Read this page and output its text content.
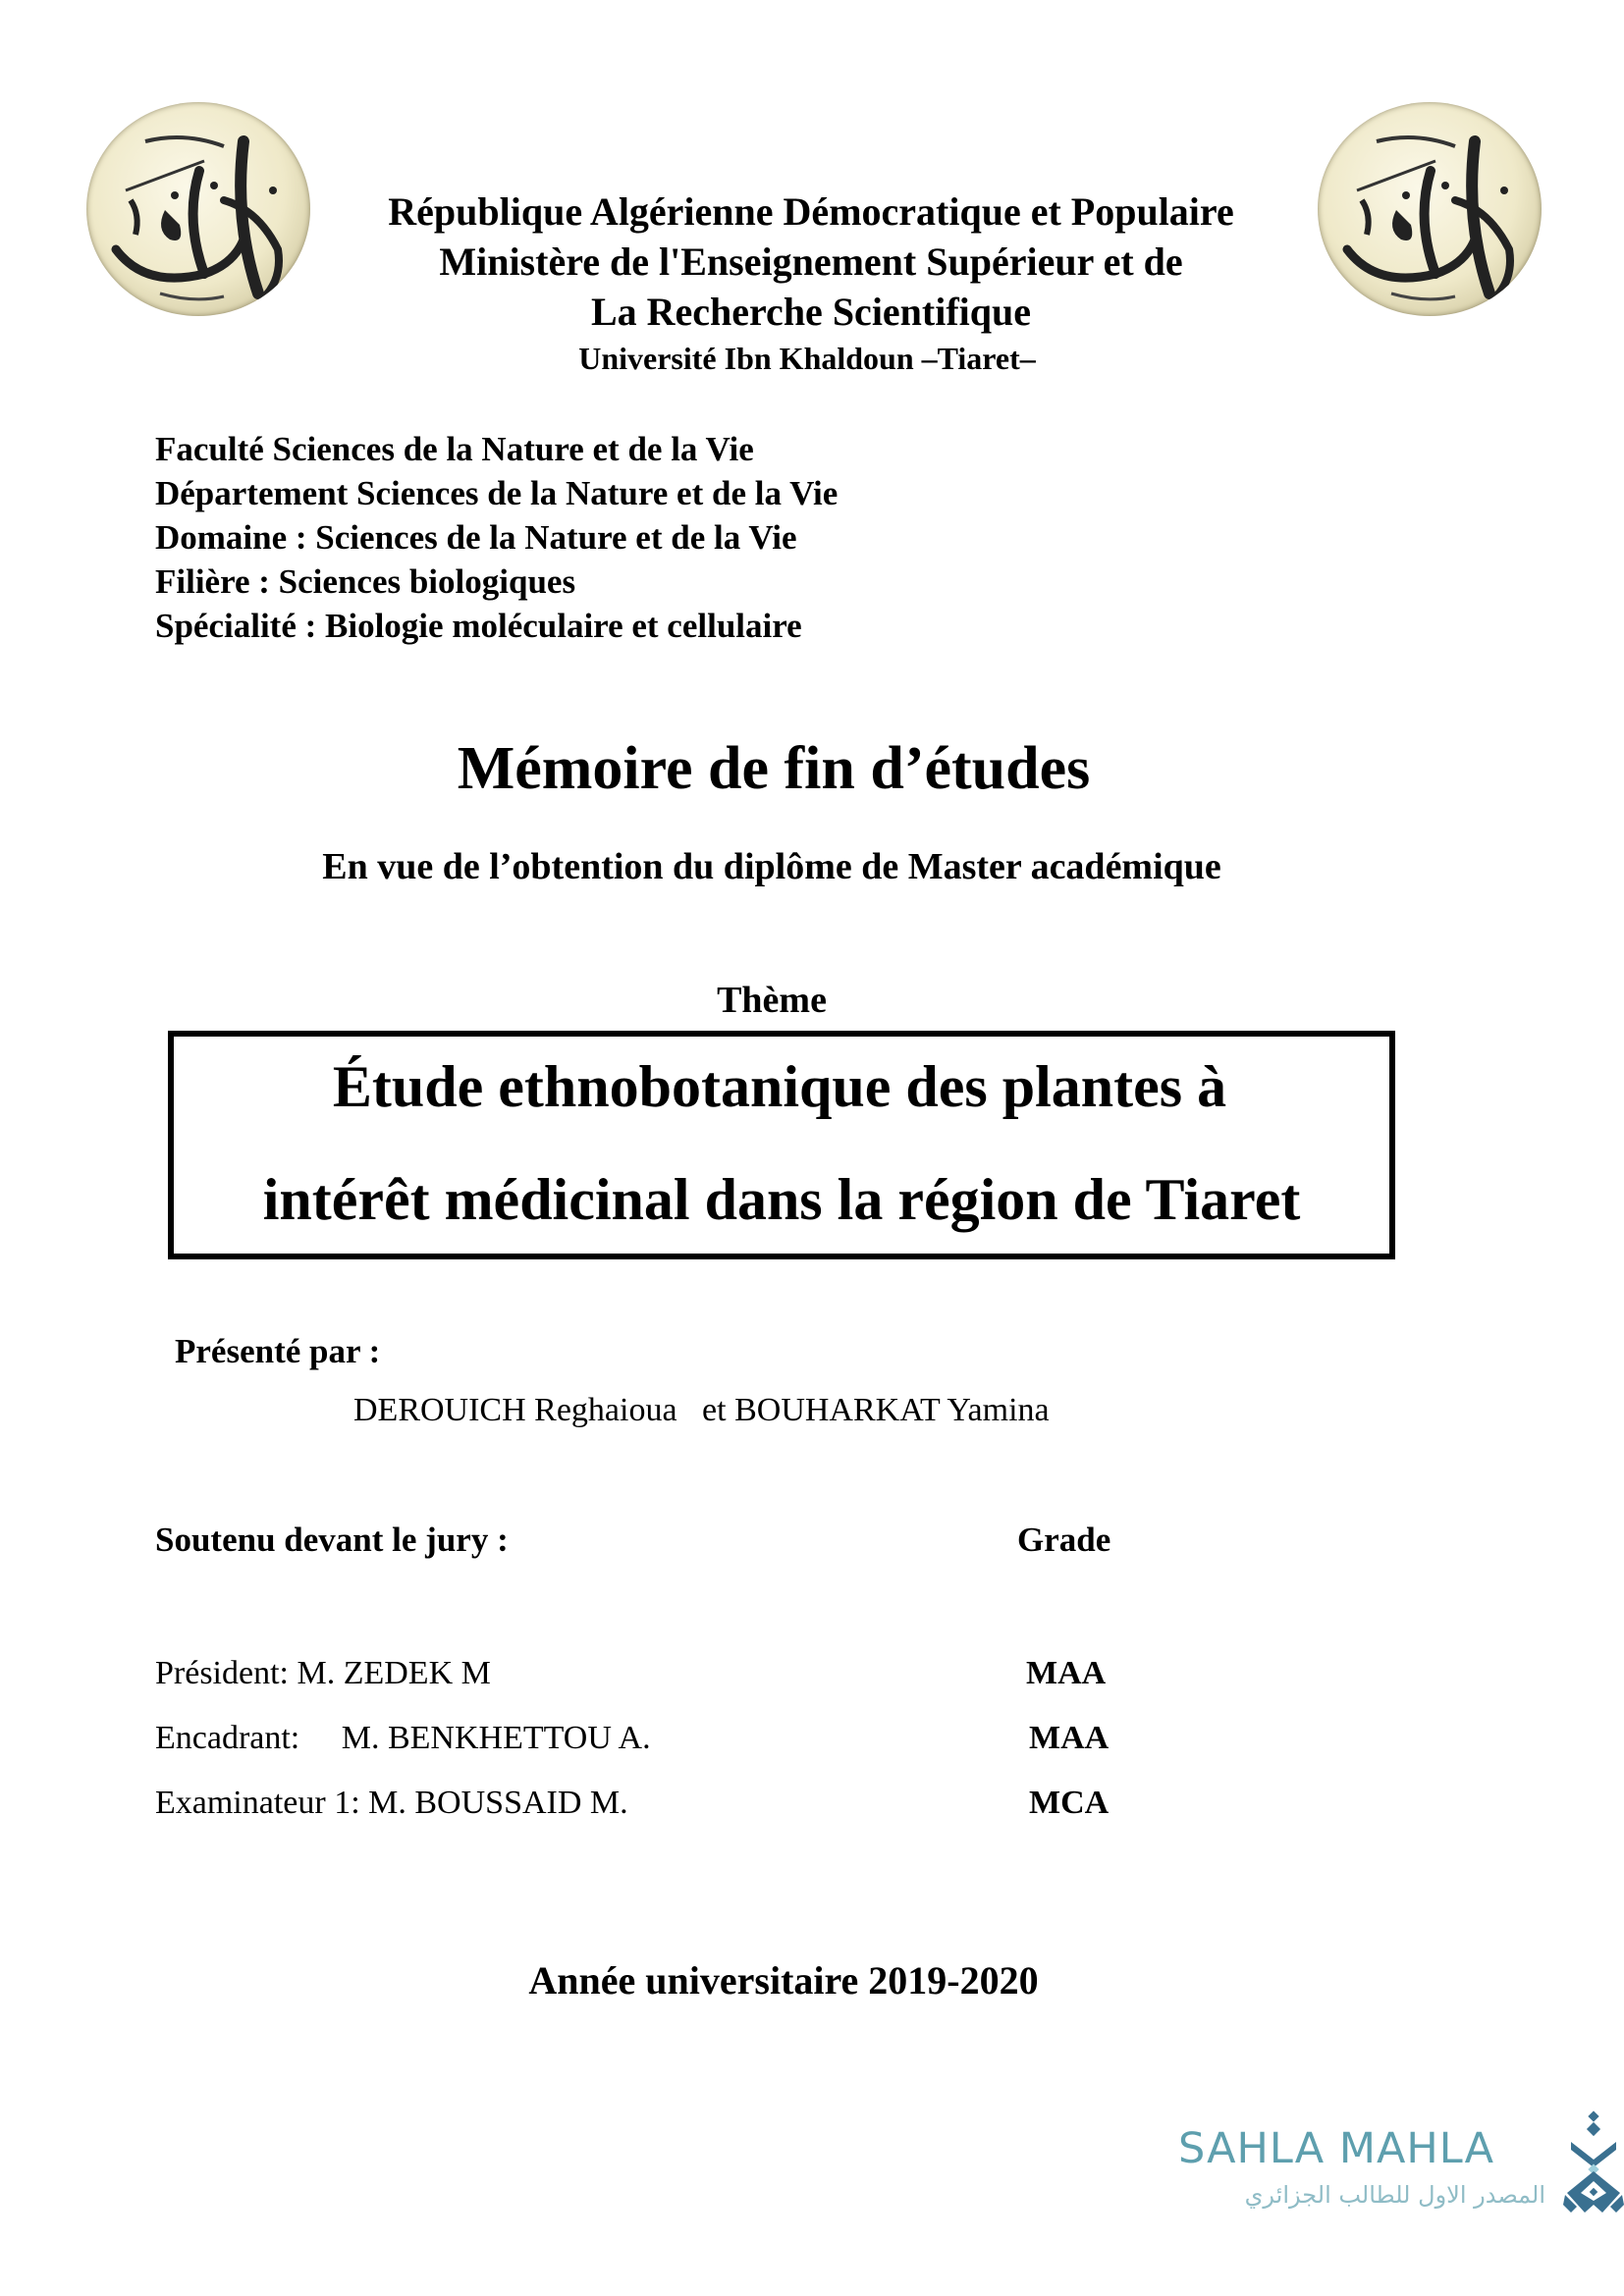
République Algérienne Démocratique et Populaire
Ministère de l'Enseignement Supérieur et de
La Recherche Scientifique
Université Ibn Khaldoun –Tiaret–
Faculté Sciences de la Nature et de la Vie
Département Sciences de la Nature et de la Vie
Domaine : Sciences de la Nature et de la Vie
Filière : Sciences biologiques
Spécialité : Biologie moléculaire et cellulaire
Mémoire de fin d’études
En vue de l’obtention du diplôme de Master académique
Thème
Étude ethnobotanique des plantes à
intérêt médicinal dans la région de Tiaret
Présenté par :
DEROUICH Reghaioua   et BOUHARKAT Yamina
Soutenu devant le jury :	Grade
Président: M. ZEDEK M	MAA
Encadrant:     M. BENKHETTOU A.	MAA
Examinateur 1: M. BOUSSAID M.	MCA
Année universitaire 2019-2020
SAHLA MAHLA
المصدر الاول للطالب الجزائري
